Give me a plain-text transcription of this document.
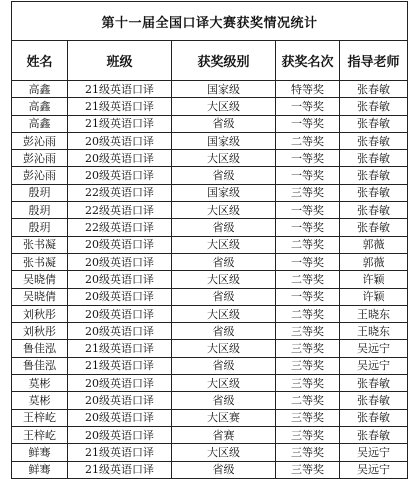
第十一届全国口译大赛获奖情况统计				
姓名	班级	获奖级别	获奖名次	指导老师
高鑫	21级英语口译	国家级	特等奖	张春敏
高鑫	21级英语口译	大区级	一等奖	张春敏
高鑫	21级英语口译	省级	一等奖	张春敏
彭沁雨	20级英语口译	国家级	二等奖	张春敏
彭沁雨	20级英语口译	大区级	一等奖	张春敏
彭沁雨	20级英语口译	省级	一等奖	张春敏
殷玥	22级英语口译	国家级	三等奖	张春敏
殷玥	22级英语口译	大区级	一等奖	张春敏
殷玥	22级英语口译	省级	一等奖	张春敏
张书凝	20级英语口译	大区级	二等奖	郭薇
张书凝	20级英语口译	省级	一等奖	郭薇
吴晓倩	20级英语口译	大区级	二等奖	许颖
吴晓倩	20级英语口译	省级	一等奖	许颖
刘秋彤	20级英语口译	大区级	二等奖	王晓东
刘秋彤	20级英语口译	省级	三等奖	王晓东
鲁佳泓	21级英语口译	大区级	三等奖	吴远宁
鲁佳泓	21级英语口译	省级	三等奖	吴远宁
莫彬	20级英语口译	大区级	三等奖	张春敏
莫彬	20级英语口译	省级	二等奖	张春敏
王梓屹	20级英语口译	大区赛	三等奖	张春敏
王梓屹	20级英语口译	省赛	三等奖	张春敏
鲜骞	21级英语口译	大区级	三等奖	吴远宁
鲜骞	21级英语口译	省级	三等奖	吴远宁
